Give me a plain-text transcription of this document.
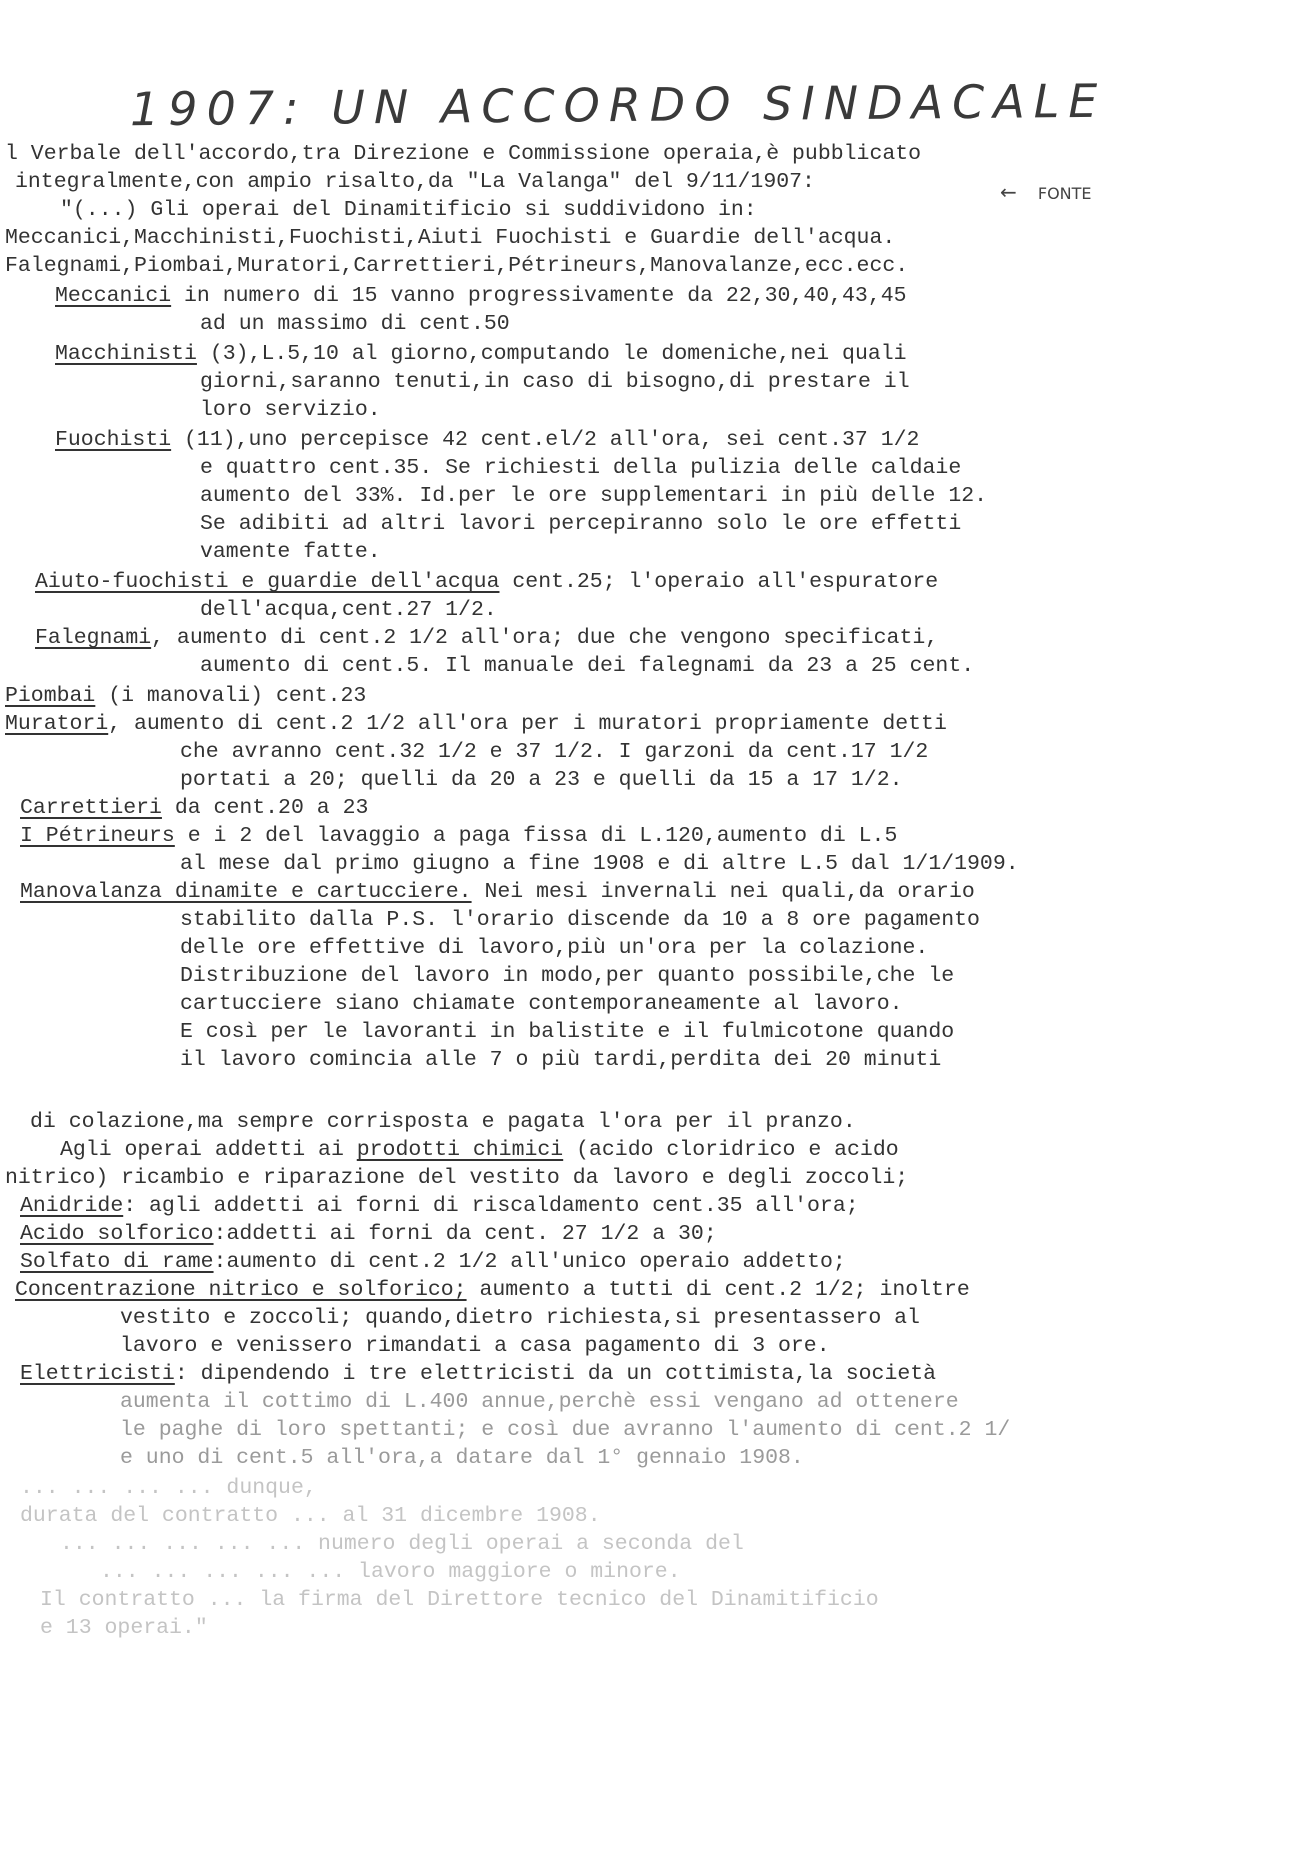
1907: UN ACCORDO SINDACALE
← FONTE
l Verbale dell'accordo,tra Direzione e Commissione operaia,è pubblicato
integralmente,con ampio risalto,da "La Valanga" del 9/11/1907:
"(...) Gli operai del Dinamitificio si suddividono in:
Meccanici,Macchinisti,Fuochisti,Aiuti Fuochisti e Guardie dell'acqua.
Falegnami,Piombai,Muratori,Carrettieri,Pétrineurs,Manovalanze,ecc.ecc.
Meccanici in numero di 15 vanno progressivamente da 22,30,40,43,45
ad un massimo di cent.50
Macchinisti (3),L.5,10 al giorno,computando le domeniche,nei quali
giorni,saranno tenuti,in caso di bisogno,di prestare il
loro servizio.
Fuochisti (11),uno percepisce 42 cent.el/2 all'ora, sei cent.37 1/2
e quattro cent.35. Se richiesti della pulizia delle caldaie
aumento del 33%. Id.per le ore supplementari in più delle 12.
Se adibiti ad altri lavori percepiranno solo le ore effetti
vamente fatte.
Aiuto-fuochisti e guardie dell'acqua cent.25; l'operaio all'espuratore
dell'acqua,cent.27 1/2.
Falegnami, aumento di cent.2 1/2 all'ora; due che vengono specificati,
aumento di cent.5. Il manuale dei falegnami da 23 a 25 cent.
Piombai (i manovali) cent.23
Muratori, aumento di cent.2 1/2 all'ora per i muratori propriamente detti
che avranno cent.32 1/2 e 37 1/2. I garzoni da cent.17 1/2
portati a 20; quelli da 20 a 23 e quelli da 15 a 17 1/2.
Carrettieri da cent.20 a 23
I Pétrineurs e i 2 del lavaggio a paga fissa di L.120,aumento di L.5
al mese dal primo giugno a fine 1908 e di altre L.5 dal 1/1/1909.
Manovalanza dinamite e cartucciere. Nei mesi invernali nei quali,da orario
stabilito dalla P.S. l'orario discende da 10 a 8 ore pagamento
delle ore effettive di lavoro,più un'ora per la colazione.
Distribuzione del lavoro in modo,per quanto possibile,che le
cartucciere siano chiamate contemporaneamente al lavoro.
E così per le lavoranti in balistite e il fulmicotone quando
il lavoro comincia alle 7 o più tardi,perdita dei 20 minuti
di colazione,ma sempre corrisposta e pagata l'ora per il pranzo.
Agli operai addetti ai prodotti chimici (acido cloridrico e acido
nitrico) ricambio e riparazione del vestito da lavoro e degli zoccoli;
Anidride: agli addetti ai forni di riscaldamento cent.35 all'ora;
Acido solforico:addetti ai forni da cent. 27 1/2 a 30;
Solfato di rame:aumento di cent.2 1/2 all'unico operaio addetto;
Concentrazione nitrico e solforico; aumento a tutti di cent.2 1/2; inoltre
vestito e zoccoli; quando,dietro richiesta,si presentassero al
lavoro e venissero rimandati a casa pagamento di 3 ore.
Elettricisti: dipendendo i tre elettricisti da un cottimista,la società
aumenta il cottimo di L.400 annue,perchè essi vengano ad ottenere
le paghe di loro spettanti; e così due avranno l'aumento di cent.2 1/
e uno di cent.5 all'ora,a datare dal 1° gennaio 1908.
... ... ... ... dunque,
durata del contratto ... al 31 dicembre 1908.
... ... ... ... ... numero degli operai a seconda del
... ... ... ... ... lavoro maggiore o minore.
Il contratto ... la firma del Direttore tecnico del Dinamitificio
e 13 operai."
